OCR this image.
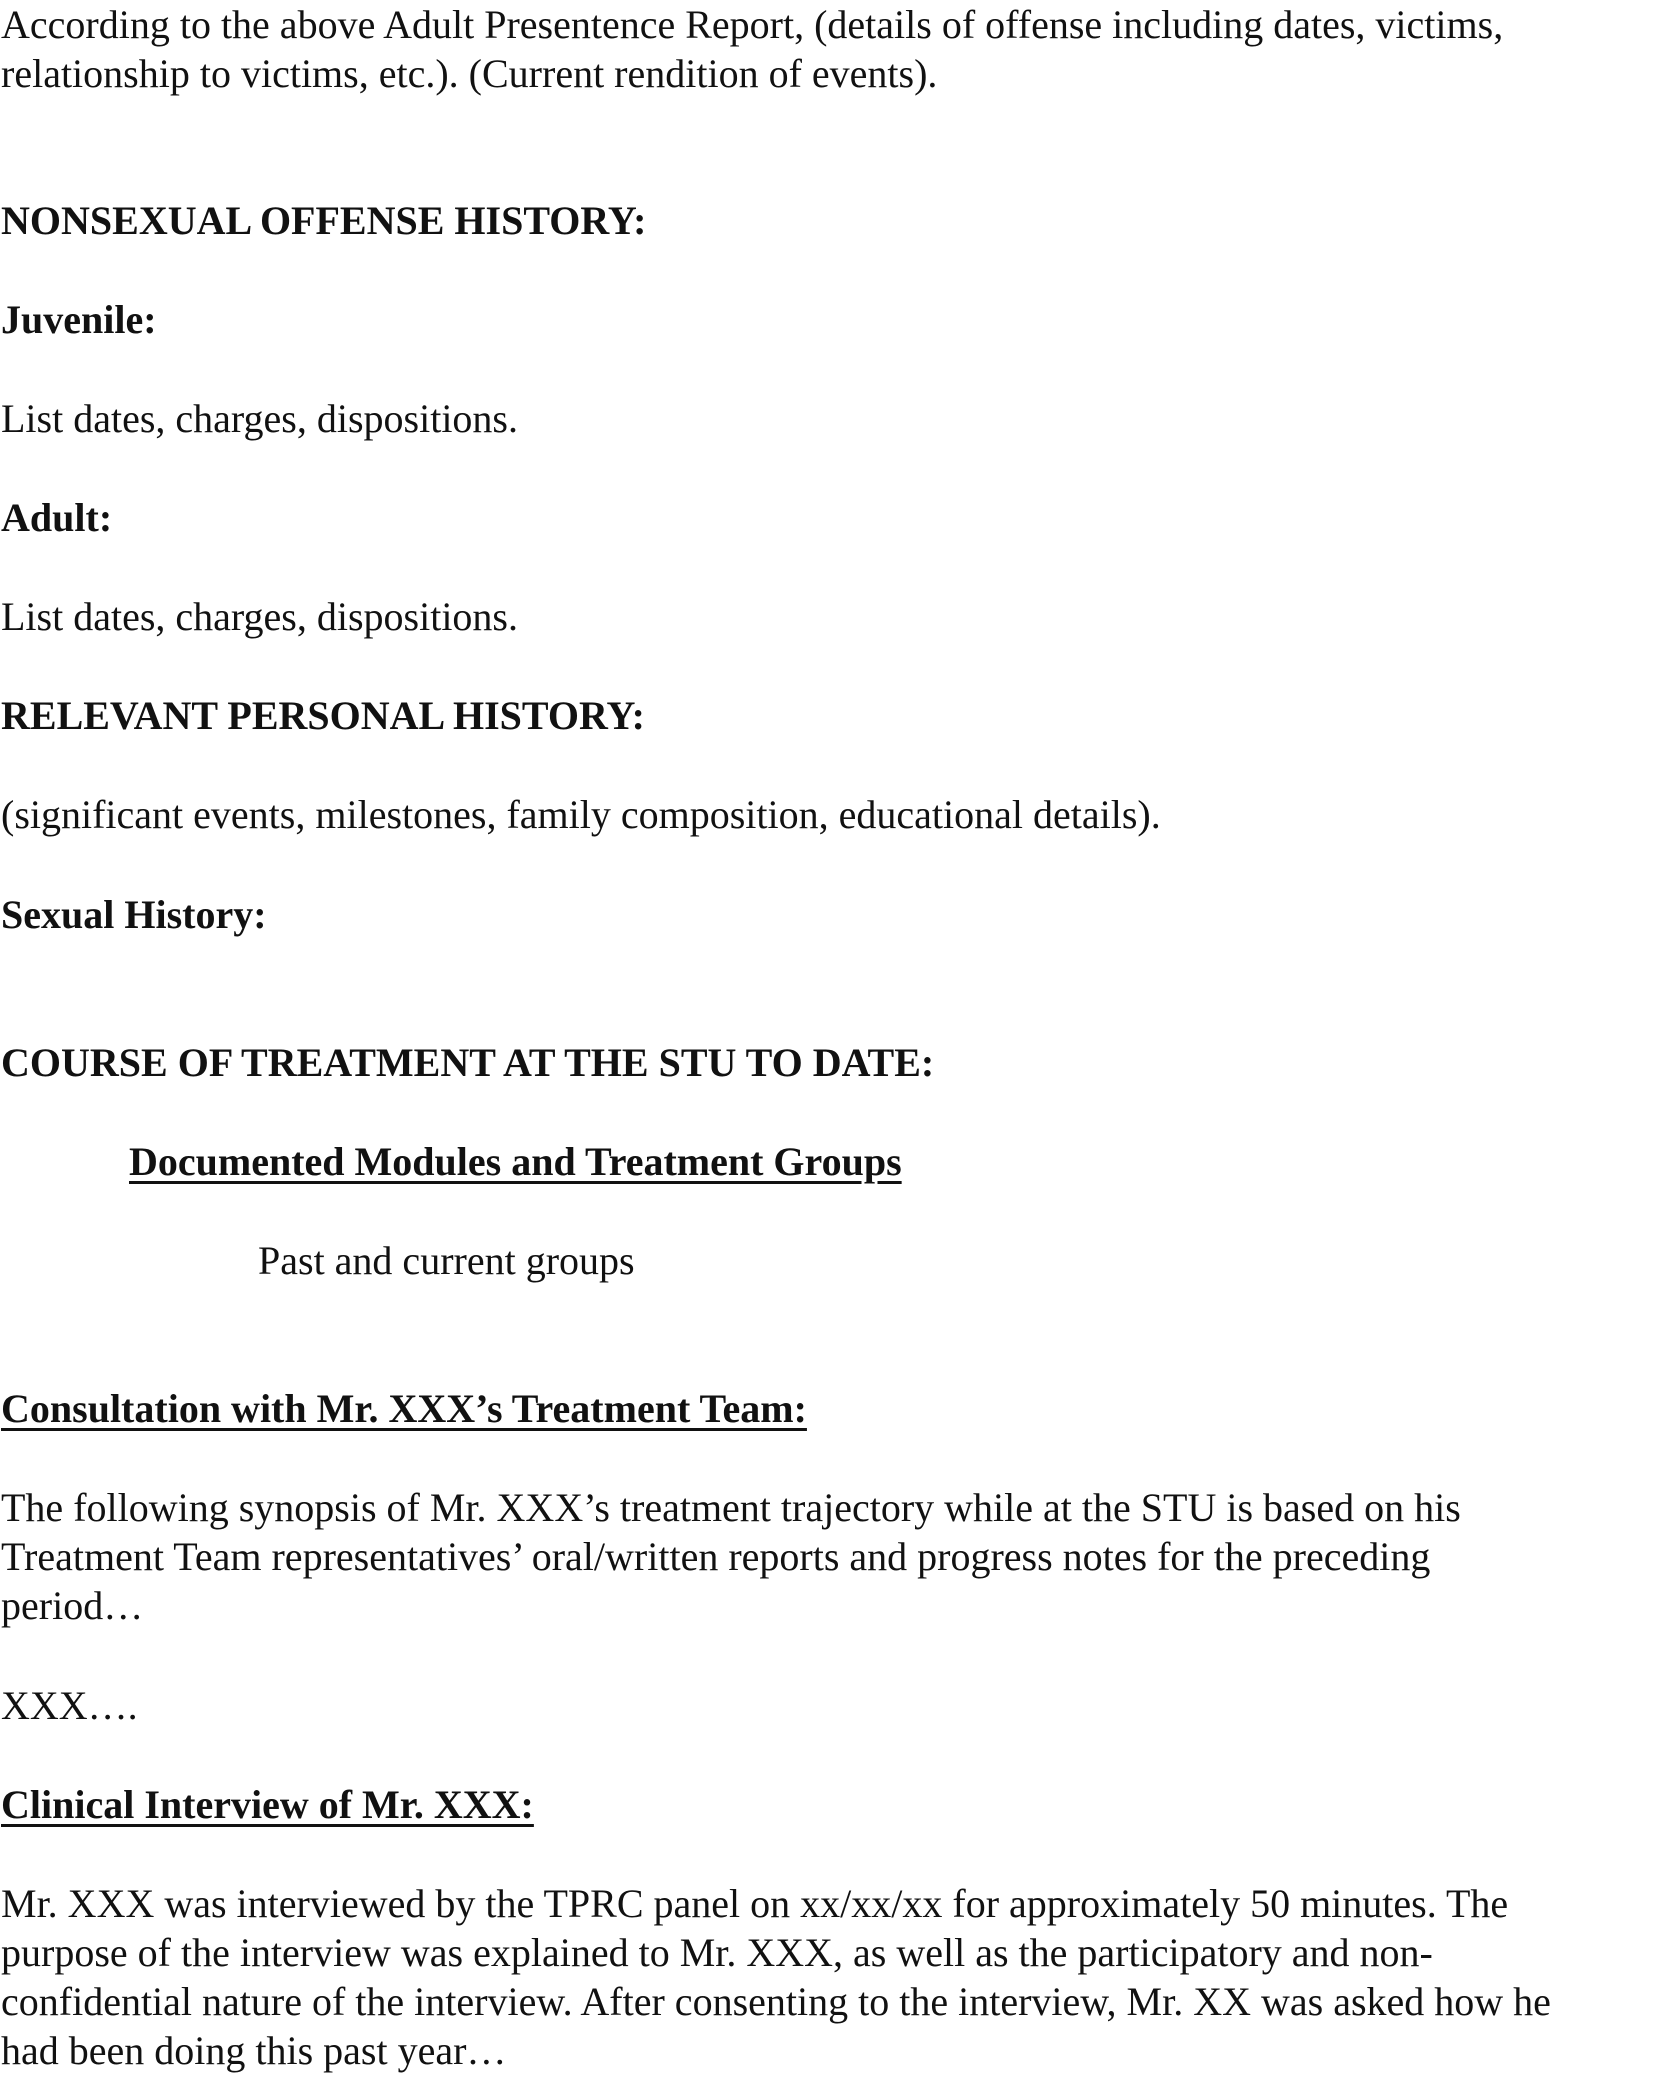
According to the above Adult Presentence Report, (details of offense including dates, victims,

relationship to victims, etc.). (Current rendition of events).

NONSEXUAL OFFENSE HISTORY:

Juvenile:

List dates, charges, dispositions.

Adult:

List dates, charges, dispositions.

RELEVANT PERSONAL HISTORY:

(significant events, milestones, family composition, educational details).

Sexual History:

COURSE OF TREATMENT AT THE STU TO DATE:

Documented Modules and Treatment Groups

Past and current groups

Consultation with Mr. XXX’s Treatment Team:

The following synopsis of Mr. XXX’s treatment trajectory while at the STU is based on his

Treatment Team representatives’ oral/written reports and progress notes for the preceding

period…

XXX….

Clinical Interview of Mr. XXX:

Mr. XXX was interviewed by the TPRC panel on xx/xx/xx for approximately 50 minutes. The

purpose of the interview was explained to Mr. XXX, as well as the participatory and non-

confidential nature of the interview. After consenting to the interview, Mr. XX was asked how he

had been doing this past year…
